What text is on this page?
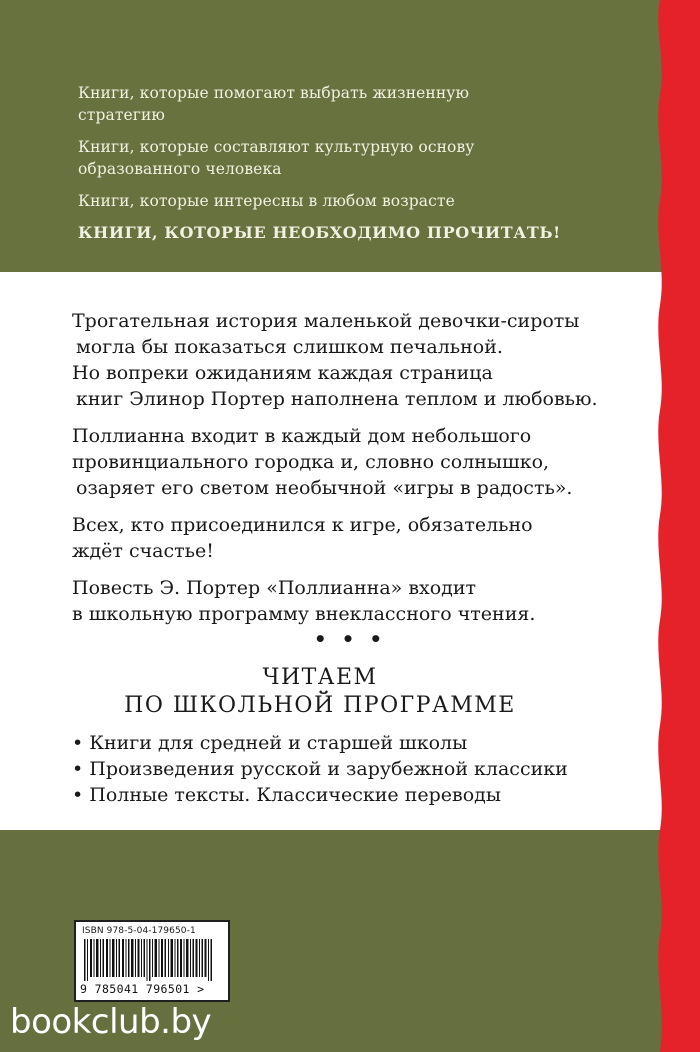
Книги, которые помогают выбрать жизненную
стратегию
Книги, которые составляют культурную основу
образованного человека
Книги, которые интересны в любом возрасте
КНИГИ, КОТОРЫЕ НЕОБХОДИМО ПРОЧИТАТЬ!
Трогательная история маленькой девочки-сироты
могла бы показаться слишком печальной.
Но вопреки ожиданиям каждая страница
книг Элинор Портер наполнена теплом и любовью.
Поллианна входит в каждый дом небольшого
провинциального городка и, словно солнышко,
озаряет его светом необычной «игры в радость».
Всех, кто присоединился к игре, обязательно
ждёт счастье!
Повесть Э. Портер «Поллианна» входит
в школьную программу внеклассного чтения.
• • •
ЧИТАЕМ
ПО ШКОЛЬНОЙ ПРОГРАММЕ
• Книги для средней и старшей школы
• Произведения русской и зарубежной классики
• Полные тексты. Классические переводы
ISBN 978-5-04-179650-1
9 785041 796501 >
bookclub.by
